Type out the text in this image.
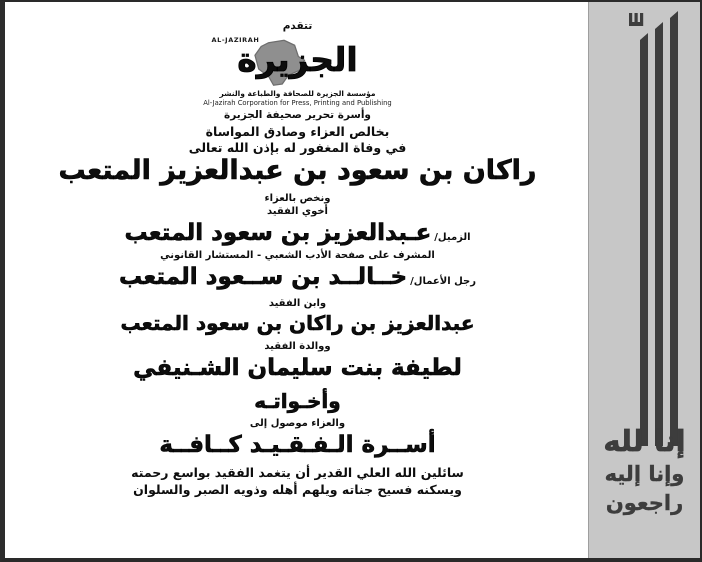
تتقدم
AL-JAZIRAH
الجزيرة
مؤسسة الجزيرة للصحافة والطباعة والنشر
Al-Jazirah Corporation for Press, Printing and Publishing
وأسرة تحرير صحيفة الجزيرة
بخالص العزاء وصادق المواساة
في وفاة المغفور له بإذن الله تعالى
راكان بن سعود بن عبدالعزيز المتعب
ونخص بالعزاء
أخوي الفقيد
الزميل/عـبدالعزيز بن سعود المتعب
المشرف على صفحة الأدب الشعبي - المستشار القانوني
رجل الأعمال/خــالــد بن ســعود المتعب
وابن الفقيد
عبدالعزيز بن راكان بن سعود المتعب
ووالدة الفقيد
لطيفة بنت سليمان الشـنيفي
وأخـواتـه
والعزاء موصول إلى
أســرة الـفـقـيـد كــافــة
سائلين الله العلي القدير أن يتغمد الفقيد بواسع رحمته
ويسكنه فسيح جناته ويلهم أهله وذويه الصبر والسلوان
إنا لله
وإنا إليه
راجعون
